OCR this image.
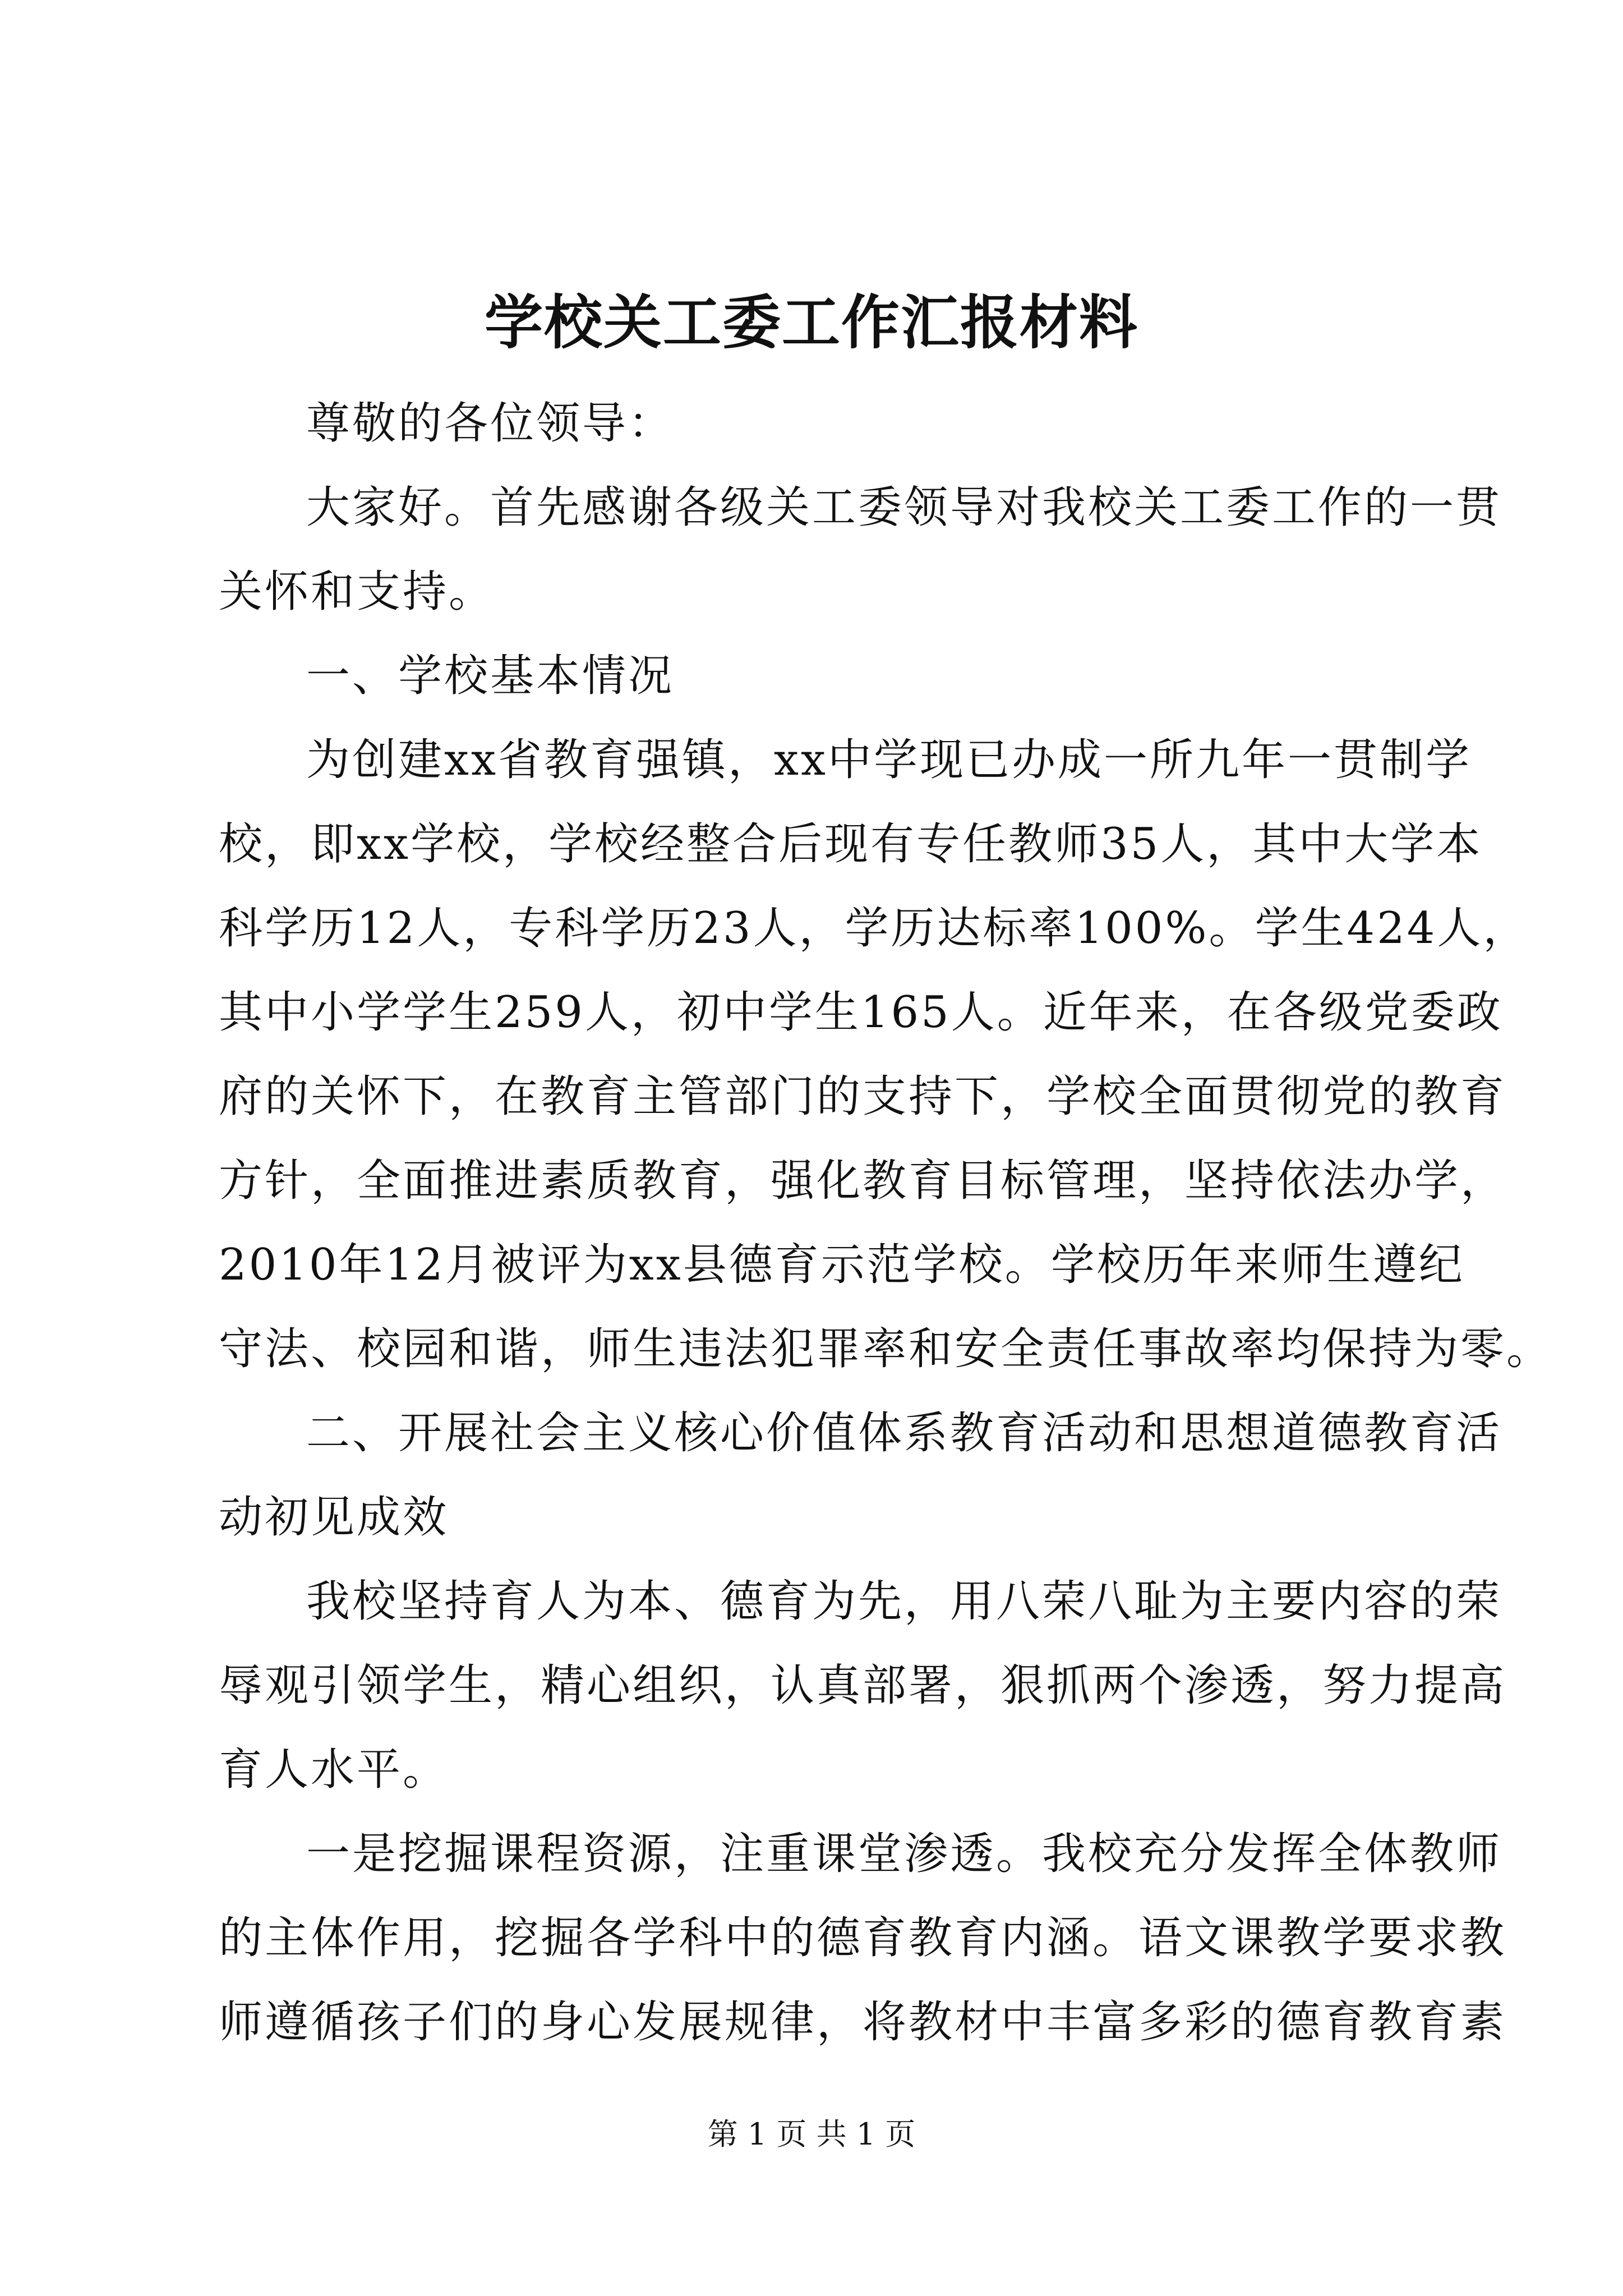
学校关工委工作汇报材料

尊敬的各位领导：

大家好。首先感谢各级关工委领导对我校关工委工作的一贯

关怀和支持。

一、学校基本情况

为创建xx省教育强镇，xx中学现已办成一所九年一贯制学

校，即xx学校，学校经整合后现有专任教师35人，其中大学本

科学历12人，专科学历23人，学历达标率100%。学生424人，

其中小学学生259人，初中学生165人。近年来，在各级党委政

府的关怀下，在教育主管部门的支持下，学校全面贯彻党的教育

方针，全面推进素质教育，强化教育目标管理，坚持依法办学，

2010年12月被评为xx县德育示范学校。学校历年来师生遵纪

守法、校园和谐，师生违法犯罪率和安全责任事故率均保持为零。

二、开展社会主义核心价值体系教育活动和思想道德教育活

动初见成效

我校坚持育人为本、德育为先，用八荣八耻为主要内容的荣

辱观引领学生，精心组织，认真部署，狠抓两个渗透，努力提高

育人水平。

一是挖掘课程资源，注重课堂渗透。我校充分发挥全体教师

的主体作用，挖掘各学科中的德育教育内涵。语文课教学要求教

师遵循孩子们的身心发展规律，将教材中丰富多彩的德育教育素

第 1 页 共 1 页
